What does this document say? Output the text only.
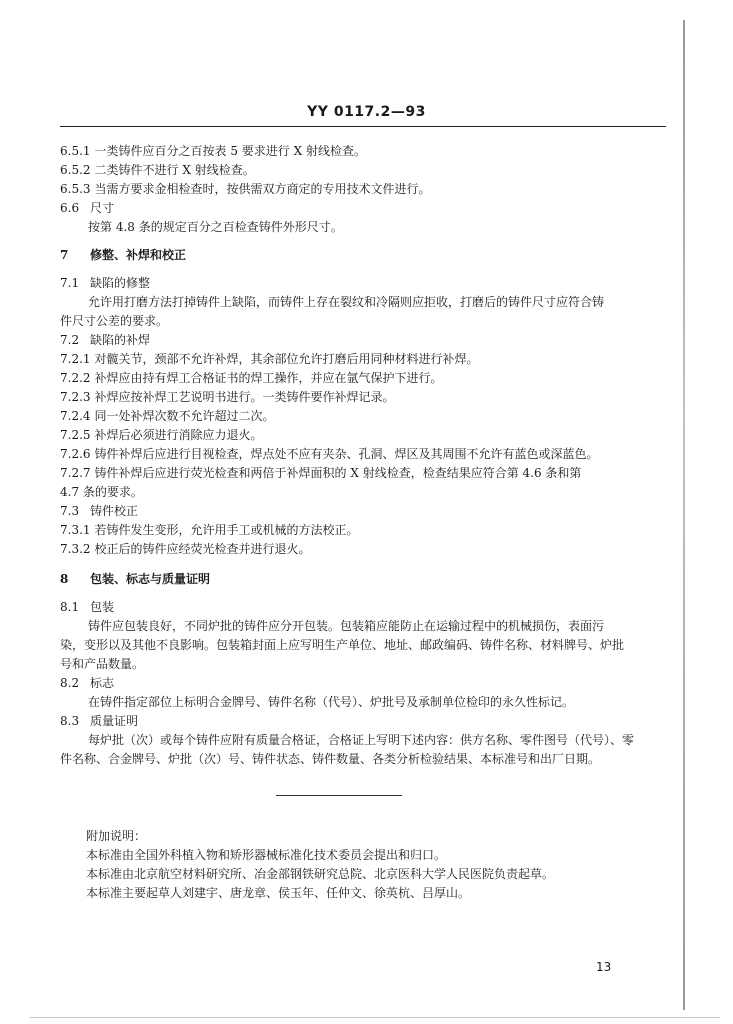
YY 0117.2—93
6.5.1 一类铸件应百分之百按表 5 要求进行 X 射线检查。
6.5.2 二类铸件不进行 X 射线检查。
6.5.3 当需方要求金相检查时，按供需双方商定的专用技术文件进行。
6.6 尺寸
按第 4.8 条的规定百分之百检查铸件外形尺寸。
7 修整、补焊和校正
7.1 缺陷的修整
允许用打磨方法打掉铸件上缺陷，而铸件上存在裂纹和冷隔则应拒收，打磨后的铸件尺寸应符合铸
件尺寸公差的要求。
7.2 缺陷的补焊
7.2.1 对髋关节，颈部不允许补焊，其余部位允许打磨后用同种材料进行补焊。
7.2.2 补焊应由持有焊工合格证书的焊工操作，并应在氩气保护下进行。
7.2.3 补焊应按补焊工艺说明书进行。一类铸件要作补焊记录。
7.2.4 同一处补焊次数不允许超过二次。
7.2.5 补焊后必须进行消除应力退火。
7.2.6 铸件补焊后应进行目视检查，焊点处不应有夹杂、孔洞、焊区及其周围不允许有蓝色或深蓝色。
7.2.7 铸件补焊后应进行荧光检查和两倍于补焊面积的 X 射线检查，检查结果应符合第 4.6 条和第
4.7 条的要求。
7.3 铸件校正
7.3.1 若铸件发生变形，允许用手工或机械的方法校正。
7.3.2 校正后的铸件应经荧光检查并进行退火。
8 包装、标志与质量证明
8.1 包装
铸件应包装良好，不同炉批的铸件应分开包装。包装箱应能防止在运输过程中的机械损伤，表面污
染，变形以及其他不良影响。包装箱封面上应写明生产单位、地址、邮政编码、铸件名称、材料牌号、炉批
号和产品数量。
8.2 标志
在铸件指定部位上标明合金牌号、铸件名称（代号）、炉批号及承制单位检印的永久性标记。
8.3 质量证明
每炉批（次）或每个铸件应附有质量合格证，合格证上写明下述内容：供方名称、零件图号（代号）、零
件名称、合金牌号、炉批（次）号、铸件状态、铸件数量、各类分析检验结果、本标准号和出厂日期。
附加说明：
本标准由全国外科植入物和矫形器械标准化技术委员会提出和归口。
本标准由北京航空材料研究所、冶金部钢铁研究总院、北京医科大学人民医院负责起草。
本标准主要起草人刘建宇、唐龙章、侯玉年、任仲文、徐英杭、吕厚山。
13
